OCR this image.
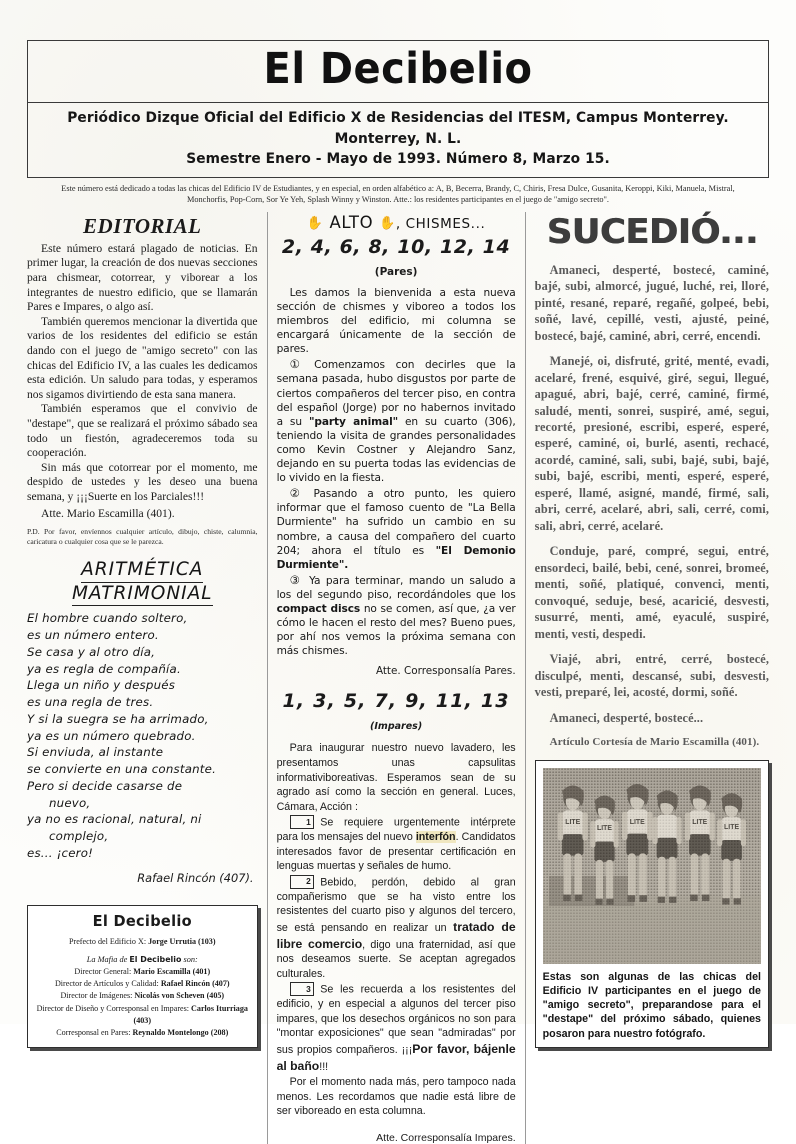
El Decibelio
Periódico Dizque Oficial del Edificio X de Residencias del ITESM, Campus Monterrey. Monterrey, N. L.
Semestre Enero - Mayo de 1993. Número 8, Marzo 15.
Este número está dedicado a todas las chicas del Edificio IV de Estudiantes, y en especial, en orden alfabético a: A, B, Becerra, Brandy, C, Chiris, Fresa Dulce, Gusanita, Keroppi, Kiki, Manuela, Mistral, Monchorfis, Pop-Corn, Sor Ye Yeh, Splash Winny y Winston. Atte.: los residentes participantes en el juego de "amigo secreto".
EDITORIAL

Este número estará plagado de noticias. En primer lugar, la creación de dos nuevas secciones para chismear, cotorrear, y viborear a los integrantes de nuestro edificio, que se llamarán Pares e Impares, o algo así.

También queremos mencionar la divertida que varios de los residentes del edificio se están dando con el juego de "amigo secreto" con las chicas del Edificio IV, a las cuales les dedicamos esta edición. Un saludo para todas, y esperamos nos sigamos divirtiendo de esta sana manera.

También esperamos que el convivio de "destape", que se realizará el próximo sábado sea todo un fiestón, agradeceremos toda su cooperación.

Sin más que cotorrear por el momento, me despido de ustedes y les deseo una buena semana, y ¡¡¡Suerte en los Parciales!!!

Atte. Mario Escamilla (401).
P.D. Por favor, envíennos cualquier artículo, dibujo, chiste, calumnia, caricatura o cualquier cosa que se le parezca.
ARITMÉTICA
MATRIMONIAL
El hombre cuando soltero,
es un número entero.
Se casa y al otro día,
ya es regla de compañía.
Llega un niño y después
es una regla de tres.
Y si la suegra se ha arrimado,
ya es un número quebrado.
Si enviuda, al instante
se convierte en una constante.
Pero si decide casarse de
nuevo,
ya no es racional, natural, ni
complejo,
es... ¡cero!
Rafael Rincón (407).
El Decibelio
Prefecto del Edificio X: Jorge Urrutia (103)
La Mafia de El Decibelio son:
Director General: Mario Escamilla (401)
Director de Artículos y Calidad: Rafael Rincón (407)
Director de Imágenes: Nicolás von Scheven (405)
Director de Diseño y Corresponsal en Impares: Carlos Iturriaga (403)
Corresponsal en Pares: Reynaldo Montelongo (208)
✋ ALTO ✋, CHISMES...
2, 4, 6, 8, 10, 12, 14 (Pares)

Les damos la bienvenida a esta nueva sección de chismes y viboreo a todos los miembros del edificio, mi columna se encargará únicamente de la sección de pares.

① Comenzamos con decirles que la semana pasada, hubo disgustos por parte de ciertos compañeros del tercer piso, en contra del español (Jorge) por no habernos invitado a su "party animal" en su cuarto (306), teniendo la visita de grandes personalidades como Kevin Costner y Alejandro Sanz, dejando en su puerta todas las evidencias de lo vivido en la fiesta.

② Pasando a otro punto, les quiero informar que el famoso cuento de "La Bella Durmiente" ha sufrido un cambio en su nombre, a causa del compañero del cuarto 204; ahora el título es "El Demonio Durmiente".

③ Ya para terminar, mando un saludo a los del segundo piso, recordándoles que los compact discs no se comen, así que, ¿a ver cómo le hacen el resto del mes? Bueno pues, por ahí nos vemos la próxima semana con más chismes.

Atte. Corresponsalía Pares.
1, 3, 5, 7, 9, 11, 13 (Impares)

Para inaugurar nuestro nuevo lavadero, les presentamos unas capsulitas informativiboreativas. Esperamos sean de su agrado así como la sección en general. Luces, Cámara, Acción :

1 Se requiere urgentemente intérprete para los mensajes del nuevo interfón. Candidatos interesados favor de presentar certificación en lenguas muertas y señales de humo.

2 Bebido, perdón, debido al gran compañerismo que se ha visto entre los resistentes del cuarto piso y algunos del tercero, se está pensando en realizar un tratado de libre comercio, digo una fraternidad, así que nos deseamos suerte. Se aceptan agregados culturales.

3 Se les recuerda a los resistentes del edificio, y en especial a algunos del tercer piso impares, que los desechos orgánicos no son para "montar exposiciones" que sean "admiradas" por sus propios compañeros. ¡¡¡Por favor, bájenle al baño!!!

Por el momento nada más, pero tampoco nada menos. Les recordamos que nadie está libre de ser viboreado en esta columna.

Atte. Corresponsalía Impares.
SUCEDIÓ...

Amaneci, desperté, bostecé, caminé, bajé, subi, almorcé, jugué, luché, rei, lloré, pinté, resané, reparé, regañé, golpeé, bebi, soñé, lavé, cepillé, vesti, ajusté, peiné, bostecé, bajé, caminé, abri, cerré, encendi.

Manejé, oi, disfruté, grité, menté, evadi, acelaré, frené, esquivé, giré, segui, llegué, apagué, abri, bajé, cerré, caminé, firmé, saludé, menti, sonrei, suspiré, amé, segui, recorté, presioné, escribi, esperé, esperé, esperé, caminé, oi, burlé, asenti, rechacé, acordé, caminé, sali, subi, bajé, subi, bajé, subi, bajé, escribi, menti, esperé, esperé, esperé, llamé, asigné, mandé, firmé, sali, abri, cerré, acelaré, abri, sali, cerré, comi, sali, abri, cerré, acelaré.

Conduje, paré, compré, segui, entré, ensordeci, bailé, bebi, cené, sonrei, bromeé, menti, soñé, platiqué, convenci, menti, convoqué, seduje, besé, acaricié, desvesti, susurré, menti, amé, eyaculé, suspiré, menti, vesti, despedi.

Viajé, abri, entré, cerré, bostecé, disculpé, menti, descansé, subi, desvesti, vesti, preparé, lei, acosté, dormi, soñé.

Amaneci, desperté, bostecé...

Artículo Cortesía de Mario Escamilla (401).
LITE
LITE
LITE	LITE
LITE
Estas son algunas de las chicas del Edificio IV participantes en el juego de "amigo secreto", preparandose para el "destape" del próximo sábado, quienes posaron para nuestro fotógrafo.
